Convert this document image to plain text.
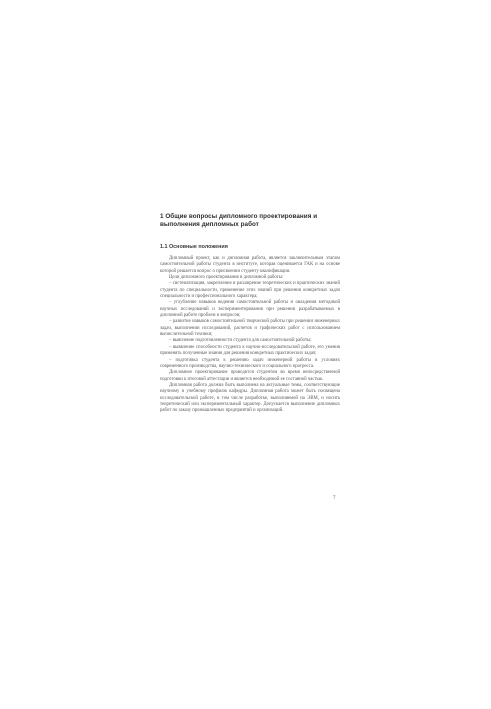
1 Общие вопросы дипломного проектирования и выполнения дипломных работ
1.1 Основные положения

Дипломный проект, как и дипломная работа, является заключительным этапом самостоятельной работы студента в институте, которая оценивается ГАК и на основе которой решается вопрос о присвоении студенту квалификации.

Цели дипломного проектирования и дипломной работы:

– систематизация, закрепление и расширение теоретических и практических знаний студента по специальности, применение этих знаний при решении конкретных задач специальности и профессионального характера;

– углубление навыков ведения самостоятельной работы и овладения методикой научных исследований и экспериментирования при решении разрабатываемых в дипломной работе проблем и вопросов;

– развитие навыков самостоятельной творческой работы при решении инженерных задач, выполнении исследований, расчетов и графических работ с использованием вычислительной техники;

– выяснение подготовленности студента для самостоятельной работы;

– выявление способности студента к научно-исследовательской работе, его умения применять полученные знания для решения конкретных практических задач;

– подготовка студента к решению задач инженерной работы в условиях современного производства, научно-технического и социального прогресса.

Дипломное проектирование проводится студентом во время непосредственной подготовки к итоговой аттестации и является необходимой ее составной частью.

Дипломная работа должна быть выполнена на актуальные темы, соответствующие научному и учебному профилю кафедры. Дипломная работа может быть посвящена исследовательской работе, в том числе разработке, выполняемой на ЭВМ, и носить теоретический или экспериментальный характер. Допускается выполнение дипломных работ по заказу промышленных предприятий и организаций.

7
